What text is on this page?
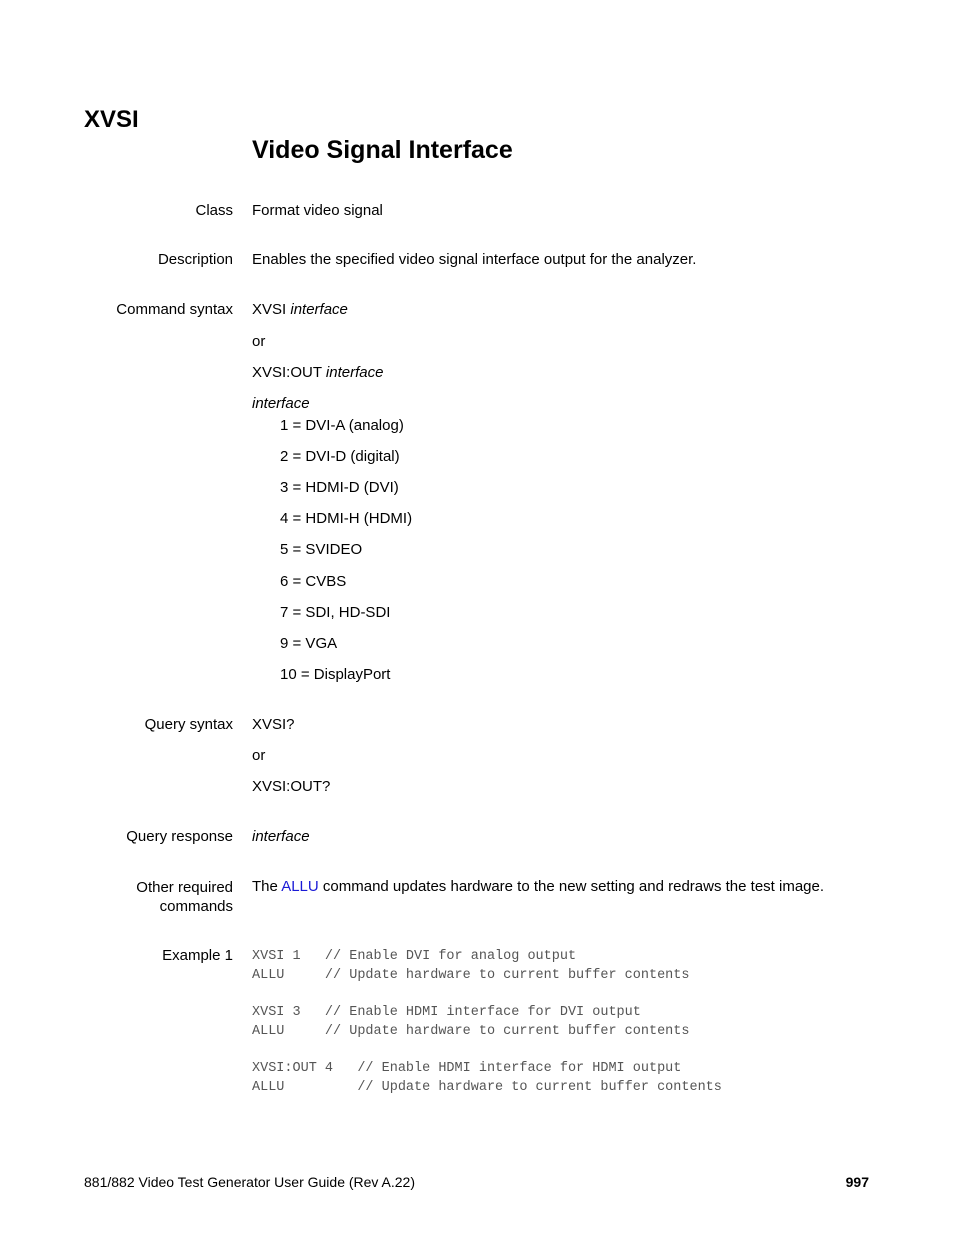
XVSI
Video Signal Interface
Class Format video signal
Description Enables the specified video signal interface output for the analyzer.
Command syntax XVSI interface
or
XVSI:OUT interface
interface
1 = DVI-A (analog)
2 = DVI-D (digital)
3 = HDMI-D (DVI)
4 = HDMI-H (HDMI)
5 = SVIDEO
6 = CVBS
7 = SDI, HD-SDI
9 = VGA
10 = DisplayPort
Query syntax XVSI?
or
XVSI:OUT?
Query response interface
Other required
commands
The ALLU command updates hardware to the new setting and redraws the test image.
Example 1 XVSI 1   // Enable DVI for analog output
ALLU     // Update hardware to current buffer contents
XVSI 3   // Enable HDMI interface for DVI output
ALLU     // Update hardware to current buffer contents
XVSI:OUT 4   // Enable HDMI interface for HDMI output
ALLU         // Update hardware to current buffer contents
881/882 Video Test Generator User Guide (Rev A.22)	997
